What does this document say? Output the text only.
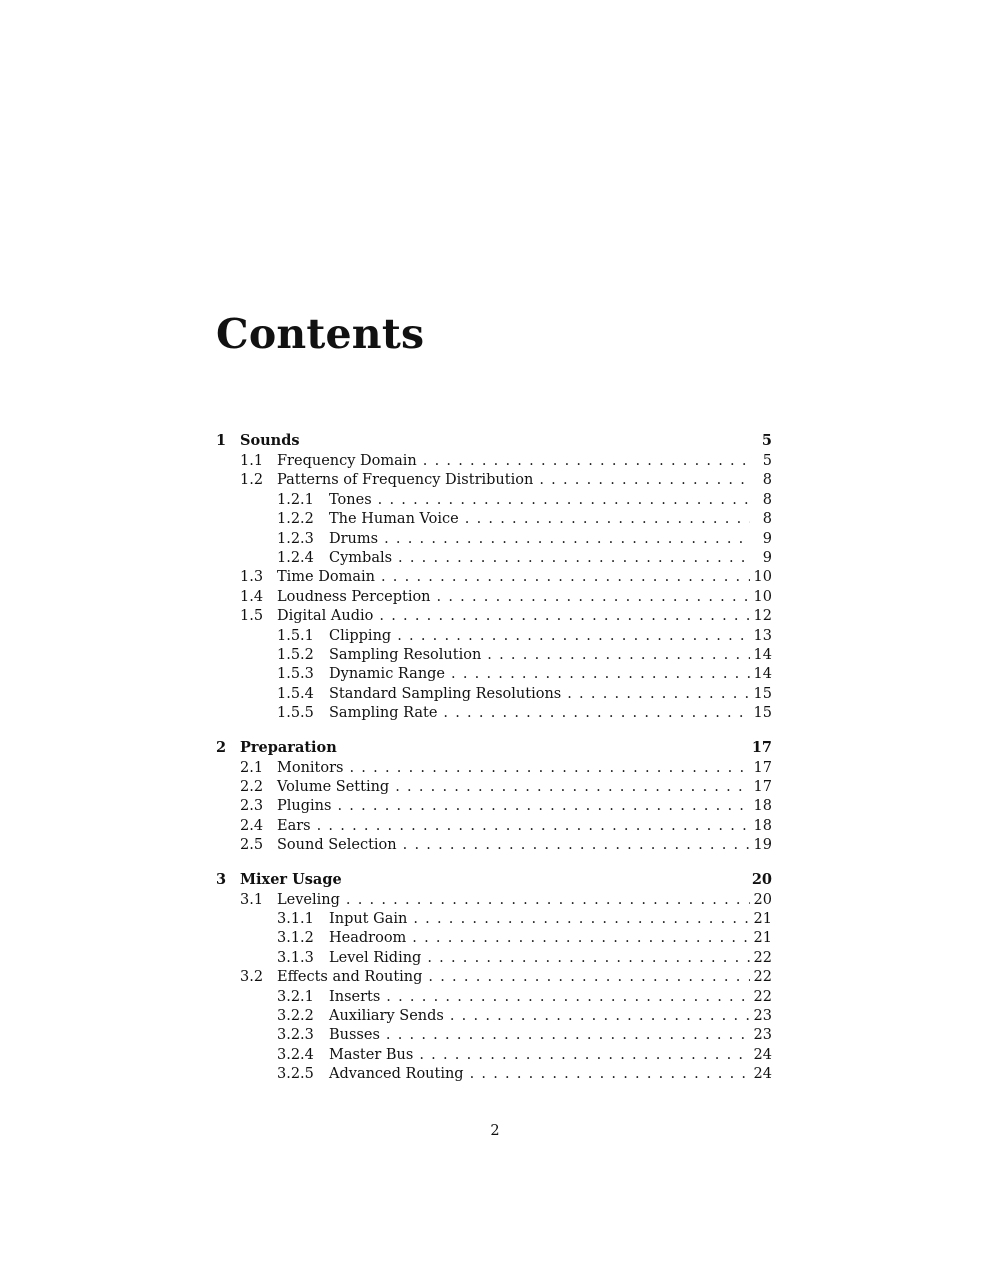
Contents
1 Sounds	5
1.1 Frequency Domain . . .	5
1.2 Patterns of Frequency Distribution . . .	8
1.2.1	Tones . . .	8
1.2.2	The Human Voice . . .	8
1.2.3	Drums . . .	9
1.2.4	Cymbals . . .	9
1.3 Time Domain . . .	10
1.4 Loudness Perception . . .	10
1.5 Digital Audio . . .	12
1.5.1	Clipping . . .	13
1.5.2	Sampling Resolution . . .	14
1.5.3	Dynamic Range . . .	14
1.5.4	Standard Sampling Resolutions . . .	15
1.5.5	Sampling Rate . . .	15
2 Preparation	17
2.1 Monitors . . .	17
2.2 Volume Setting . . .	17
2.3 Plugins . . .	18
2.4 Ears . . .	18
2.5 Sound Selection . . .	19
3 Mixer Usage	20
3.1 Leveling . . .	20
3.1.1	Input Gain . . .	21
3.1.2	Headroom . . .	21
3.1.3	Level Riding . . .	22
3.2 Effects and Routing . . .	22
3.2.1	Inserts . . .	22
3.2.2	Auxiliary Sends . . .	23
3.2.3	Busses . . .	23
3.2.4	Master Bus . . .	24
3.2.5	Advanced Routing . . .	24
2
